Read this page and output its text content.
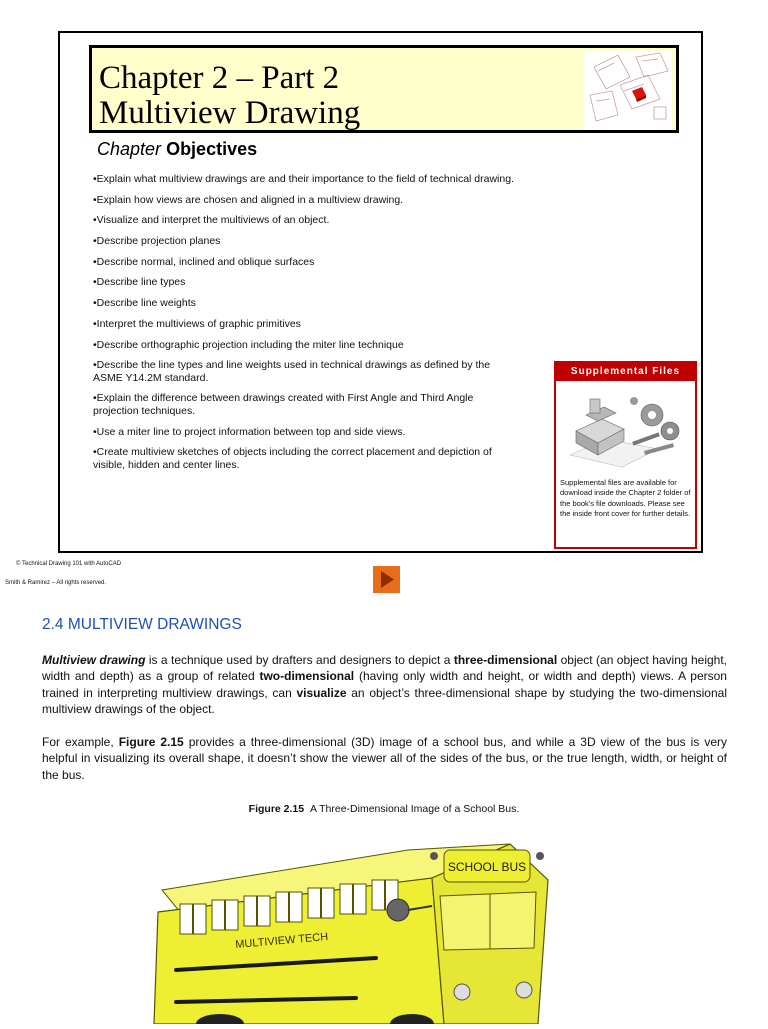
Chapter 2 – Part 2
Multiview Drawing
Chapter Objectives
•Explain what multiview drawings are and their importance to the field of technical drawing.
•Explain how views are chosen and aligned in a multiview drawing.
•Visualize and interpret the multiviews of an object.
•Describe projection planes
•Describe normal, inclined and oblique surfaces
•Describe line types
•Describe line weights
•Interpret the multiviews of graphic primitives
•Describe orthographic projection including the miter line technique
•Describe the line types and line weights used in technical drawings as defined by the ASME Y14.2M standard.
•Explain the difference between drawings created with First Angle and Third Angle projection techniques.
•Use a miter line to project information between top and side views.
•Create multiview sketches of objects including the correct placement and depiction of visible, hidden and center lines.
Supplemental Files
Supplemental files are available for download inside the Chapter 2 folder of the book's file downloads. Please see the inside front cover for further details.
© Technical Drawing 101 with AutoCAD
Smith & Ramirez – All rights reserved.
2.4 MULTIVIEW DRAWINGS

Multiview drawing is a technique used by drafters and designers to depict a three-dimensional object (an object having height, width and depth) as a group of related two-dimensional (having only width and height, or width and depth) views. A person trained in interpreting multiview drawings, can visualize an object’s three-dimensional shape by studying the two-dimensional multiview drawings of the object.

For example, Figure 2.15 provides a three-dimensional (3D) image of a school bus, and while a 3D view of the bus is very helpful in visualizing its overall shape, it doesn’t show the viewer all of the sides of the bus, or the true length, width, or height of the bus.

Figure 2.15 A Three-Dimensional Image of a School Bus.
MULTIVIEW TECH
SCHOOL BUS
